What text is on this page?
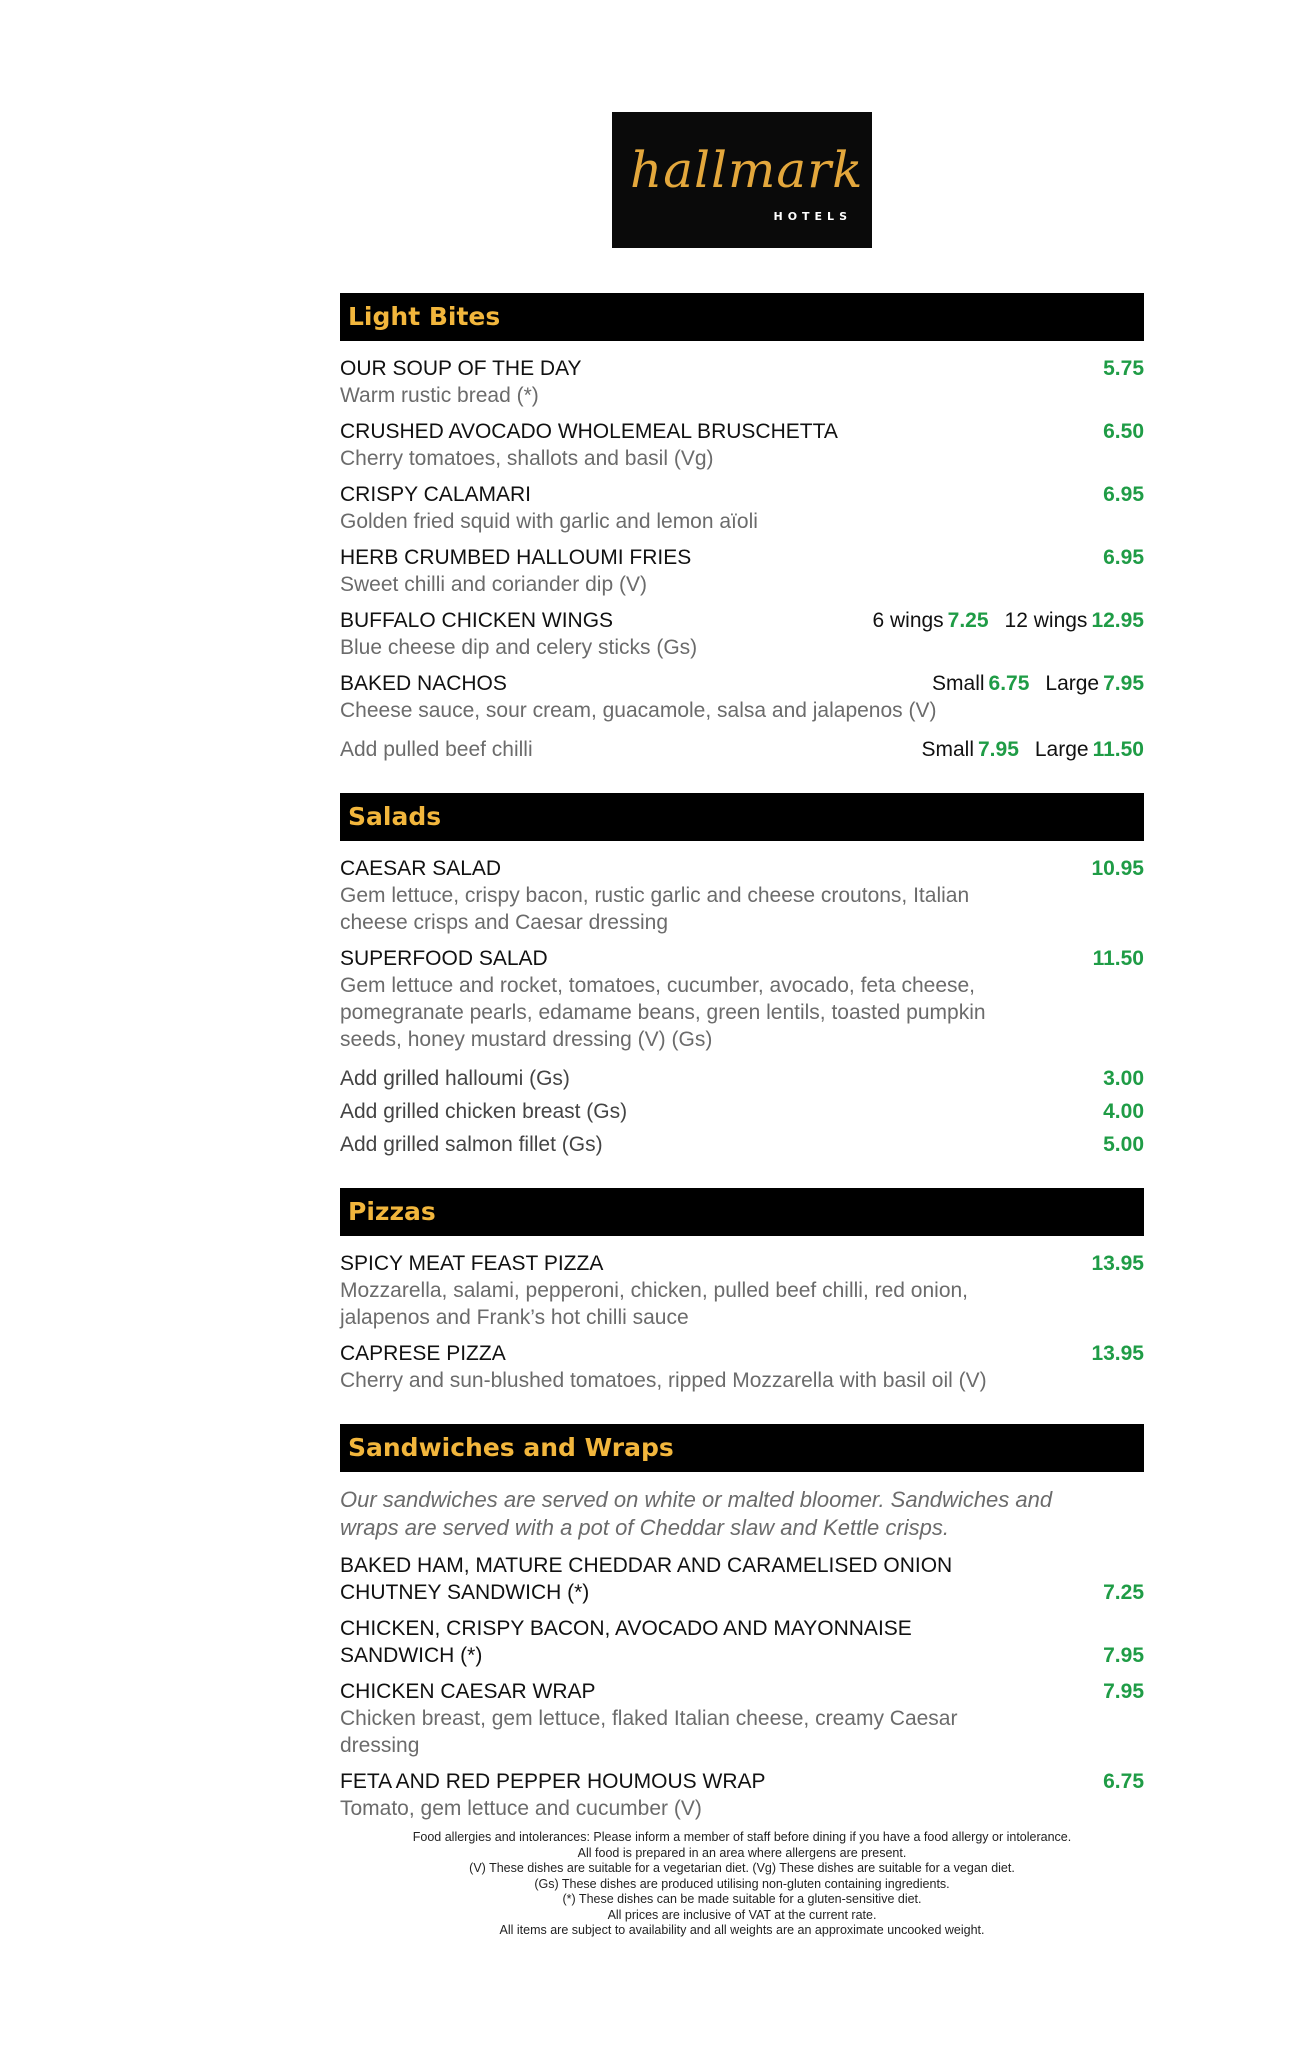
hallmark
HOTELS
Light Bites
OUR SOUP OF THE DAY	5.75
Warm rustic bread (*)
CRUSHED AVOCADO WHOLEMEAL BRUSCHETTA	6.50
Cherry tomatoes, shallots and basil (Vg)
CRISPY CALAMARI	6.95
Golden fried squid with garlic and lemon aïoli
HERB CRUMBED HALLOUMI FRIES	6.95
Sweet chilli and coriander dip (V)
BUFFALO CHICKEN WINGS	6 wings 7.25 12 wings 12.95
Blue cheese dip and celery sticks (Gs)
BAKED NACHOS	Small 6.75 Large 7.95
Cheese sauce, sour cream, guacamole, salsa and jalapenos (V)
Add pulled beef chilli	Small 7.95 Large 11.50
Salads
CAESAR SALAD	10.95
Gem lettuce, crispy bacon, rustic garlic and cheese croutons, Italian cheese crisps and Caesar dressing
SUPERFOOD SALAD	11.50
Gem lettuce and rocket, tomatoes, cucumber, avocado, feta cheese, pomegranate pearls, edamame beans, green lentils, toasted pumpkin seeds, honey mustard dressing (V) (Gs)
Add grilled halloumi (Gs)	3.00
Add grilled chicken breast (Gs)	4.00
Add grilled salmon fillet (Gs)	5.00
Pizzas
SPICY MEAT FEAST PIZZA	13.95
Mozzarella, salami, pepperoni, chicken, pulled beef chilli, red onion, jalapenos and Frank’s hot chilli sauce
CAPRESE PIZZA	13.95
Cherry and sun-blushed tomatoes, ripped Mozzarella with basil oil (V)
Sandwiches and Wraps
Our sandwiches are served on white or malted bloomer. Sandwiches and wraps are served with a pot of Cheddar slaw and Kettle crisps.
BAKED HAM, MATURE CHEDDAR AND CARAMELISED ONION CHUTNEY SANDWICH (*)	7.25
CHICKEN, CRISPY BACON, AVOCADO AND MAYONNAISE SANDWICH (*)	7.95
CHICKEN CAESAR WRAP	7.95
Chicken breast, gem lettuce, flaked Italian cheese, creamy Caesar dressing
FETA AND RED PEPPER HOUMOUS WRAP	6.75
Tomato, gem lettuce and cucumber (V)
Food allergies and intolerances: Please inform a member of staff before dining if you have a food allergy or intolerance.
All food is prepared in an area where allergens are present.
(V) These dishes are suitable for a vegetarian diet. (Vg) These dishes are suitable for a vegan diet.
(Gs) These dishes are produced utilising non-gluten containing ingredients.
(*) These dishes can be made suitable for a gluten-sensitive diet.
All prices are inclusive of VAT at the current rate.
All items are subject to availability and all weights are an approximate uncooked weight.
